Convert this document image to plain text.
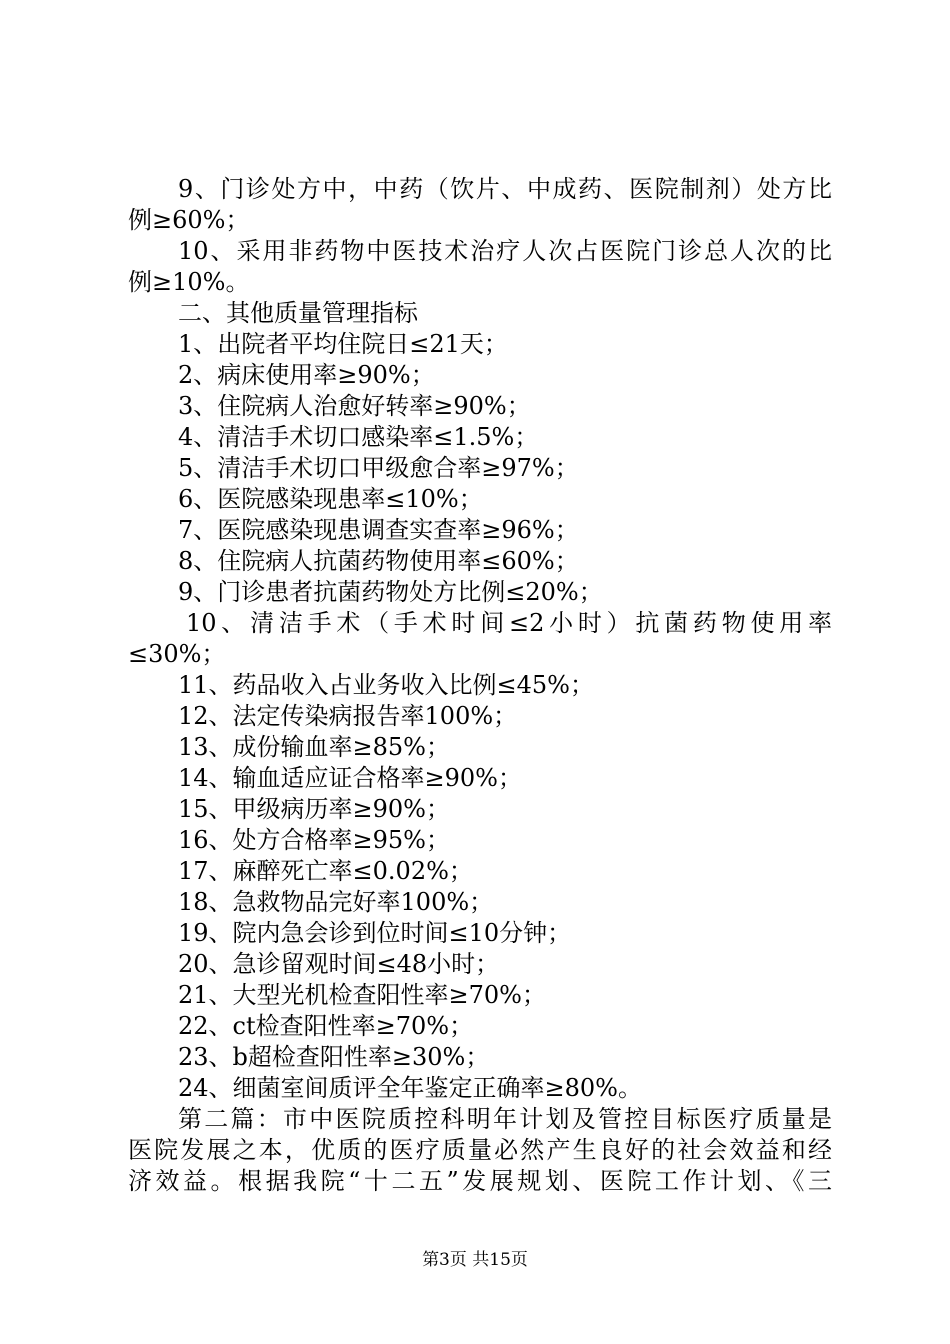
9、门诊处方中，中药（饮片、中成药、医院制剂）处方比
例≥60%；
10、采用非药物中医技术治疗人次占医院门诊总人次的比
例≥10%。
二、其他质量管理指标
1、出院者平均住院日≤21天；
2、病床使用率≥90%；
3、住院病人治愈好转率≥90%；
4、清洁手术切口感染率≤1.5%；
5、清洁手术切口甲级愈合率≥97%；
6、医院感染现患率≤10%；
7、医院感染现患调查实查率≥96%；
8、住院病人抗菌药物使用率≤60%；
9、门诊患者抗菌药物处方比例≤20%；
10、清洁手术（手术时间≤2小时）抗菌药物使用率
≤30%；
11、药品收入占业务收入比例≤45%；
12、法定传染病报告率100%；
13、成份输血率≥85%；
14、输血适应证合格率≥90%；
15、甲级病历率≥90%；
16、处方合格率≥95%；
17、麻醉死亡率≤0.02%；
18、急救物品完好率100%；
19、院内急会诊到位时间≤10分钟；
20、急诊留观时间≤48小时；
21、大型光机检查阳性率≥70%；
22、ct检查阳性率≥70%；
23、b超检查阳性率≥30%；
24、细菌室间质评全年鉴定正确率≥80%。
第二篇：市中医院质控科明年计划及管控目标医疗质量是
医院发展之本，优质的医疗质量必然产生良好的社会效益和经
济效益。根据我院“十二五”发展规划、医院工作计划、《三
第3页 共15页
